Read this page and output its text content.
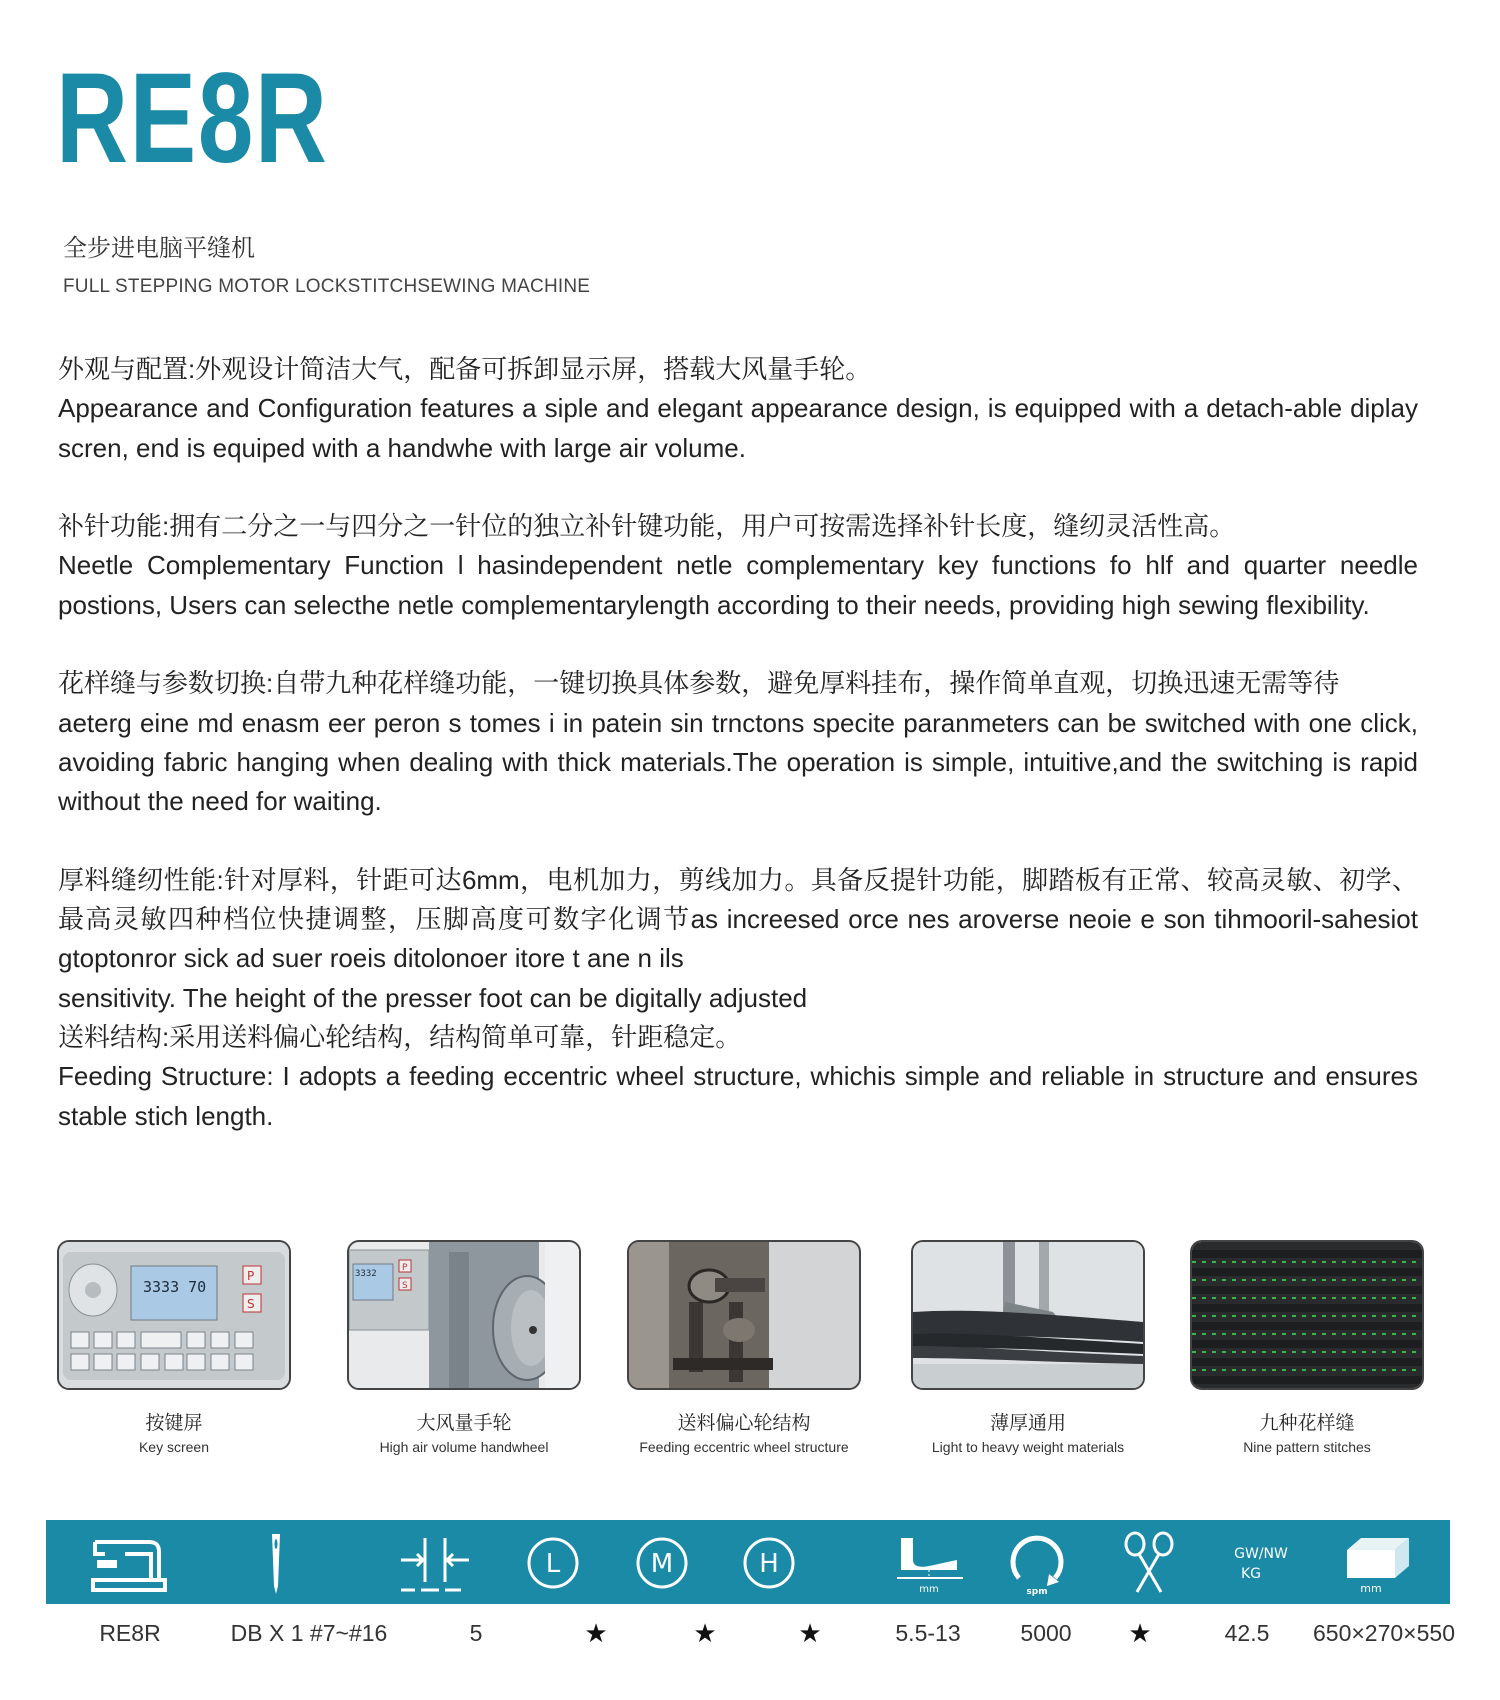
RE8R
全步进电脑平缝机
FULL STEPPING MOTOR LOCKSTITCHSEWING MACHINE

外观与配置:外观设计简洁大气，配备可拆卸显示屏，搭载大风量手轮。

Appearance and Configuration features a siple and elegant appearance design, is equipped with a detach-able diplay scren, end is equiped with a handwhe with large air volume.

补针功能:拥有二分之一与四分之一针位的独立补针键功能，用户可按需选择补针长度，缝纫灵活性高。

Neetle Complementary Function l hasindependent netle complementary key functions fo hlf and quarter needle postions, Users can selecthe netle complementarylength according to their needs, providing high sewing flexibility.

花样缝与参数切换:自带九种花样缝功能，一键切换具体参数，避免厚料挂布，操作简单直观，切换迅速无需等待

aeterg eine md enasm eer peron s tomes i in patein sin trnctons specite paranmeters can be switched with one click, avoiding fabric hanging when dealing with thick materials.The operation is simple, intuitive,and the switching is rapid without the need for waiting.

厚料缝纫性能:针对厚料，针距可达6mm，电机加力，剪线加力。具备反提针功能，脚踏板有正常、较高灵敏、初学、最高灵敏四种档位快捷调整，压脚高度可数字化调节as increesed orce nes aroverse neoie e son tihmooril-sahesiot gtoptonror sick ad suer roeis ditolonoer itore t ane n ils

sensitivity. The height of the presser foot can be digitally adjusted

送料结构:采用送料偏心轮结构，结构简单可靠，针距稳定。

Feeding Structure: I adopts a feeding eccentric wheel structure, whichis simple and reliable in structure and ensures stable stich length.

3333 70
P
S
按键屏
Key screen
3332
P
S
大风量手轮
High air volume handwheel
送料偏心轮结构
Feeding eccentric wheel structure
薄厚通用
Light to heavy weight materials
九种花样缝
Nine pattern stitches
L	M	H
mm	spm
GW/NW
KG
mm
RE8R	DB X 1 #7~#16	5	★	★	★	5.5-13	5000 ★	42.5 650×270×550
